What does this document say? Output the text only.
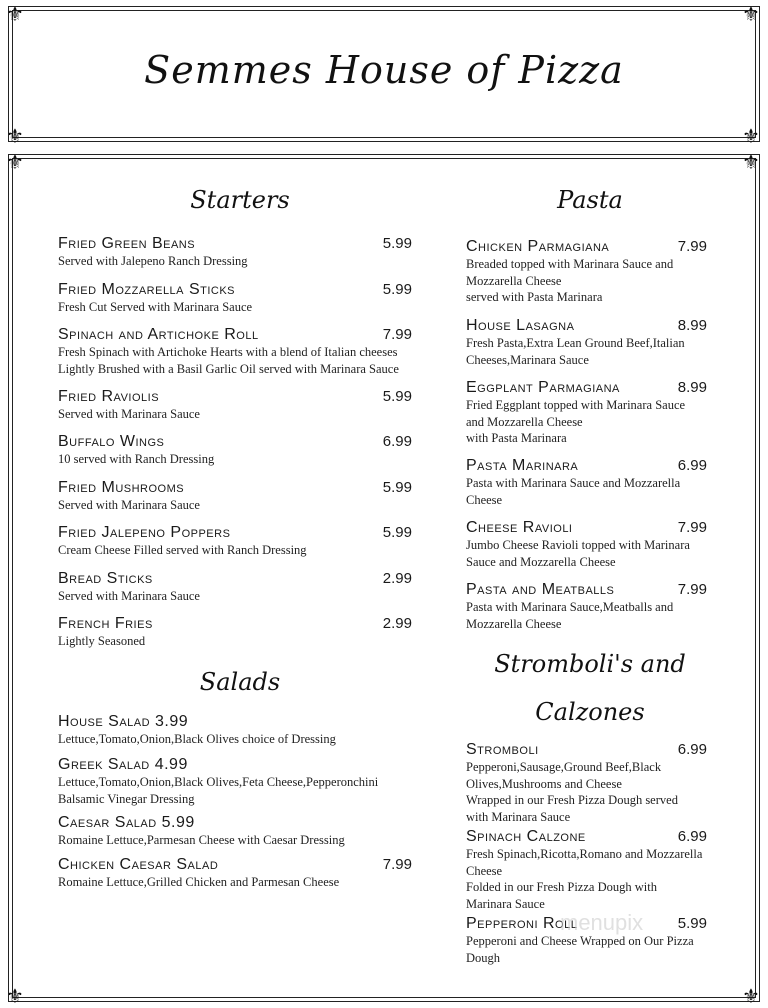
⚜	⚜
⚜	⚜
⚜	⚜
⚜	⚜
Semmes House of Pizza
Starters
Salads
Pasta
Stromboli's and
Calzones
Fried Green Beans	5.99
Served with Jalepeno Ranch Dressing
Fried Mozzarella Sticks	5.99
Fresh Cut Served with Marinara Sauce
Spinach and Artichoke Roll	7.99
Fresh Spinach with Artichoke Hearts with a blend of Italian cheeses
Lightly Brushed with a Basil Garlic Oil served with Marinara Sauce
Fried Raviolis	5.99
Served with Marinara Sauce
Buffalo Wings	6.99
10 served with Ranch Dressing
Fried Mushrooms	5.99
Served with Marinara Sauce
Fried Jalepeno Poppers	5.99
Cream Cheese Filled served with Ranch Dressing
Bread Sticks	2.99
Served with Marinara Sauce
French Fries	2.99
Lightly Seasoned
House Salad 3.99
Lettuce,Tomato,Onion,Black Olives choice of Dressing
Greek Salad 4.99
Lettuce,Tomato,Onion,Black Olives,Feta Cheese,Pepperonchini
Balsamic Vinegar Dressing
Caesar Salad 5.99
Romaine Lettuce,Parmesan Cheese with Caesar Dressing
Chicken Caesar Salad	7.99
Romaine Lettuce,Grilled Chicken and Parmesan Cheese
Chicken Parmagiana	7.99
Breaded topped with Marinara Sauce and
Mozzarella Cheese
served with Pasta Marinara
House Lasagna	8.99
Fresh Pasta,Extra Lean Ground Beef,Italian
Cheeses,Marinara Sauce
Eggplant Parmagiana	8.99
Fried Eggplant topped with Marinara Sauce
and Mozzarella Cheese
with Pasta Marinara
Pasta Marinara	6.99
Pasta with Marinara Sauce and Mozzarella
Cheese
Cheese Ravioli	7.99
Jumbo Cheese Ravioli topped with Marinara
Sauce and Mozzarella Cheese
Pasta and Meatballs	7.99
Pasta with Marinara Sauce,Meatballs and
Mozzarella Cheese
Stromboli	6.99
Pepperoni,Sausage,Ground Beef,Black
Olives,Mushrooms and Cheese
Wrapped in our Fresh Pizza Dough served
with Marinara Sauce
Spinach Calzone	6.99
Fresh Spinach,Ricotta,Romano and Mozzarella
Cheese
Folded in our Fresh Pizza Dough with
Marinara Sauce
Pepperoni Roll	5.99
Pepperoni and Cheese Wrapped on Our Pizza
Dough
menupix
